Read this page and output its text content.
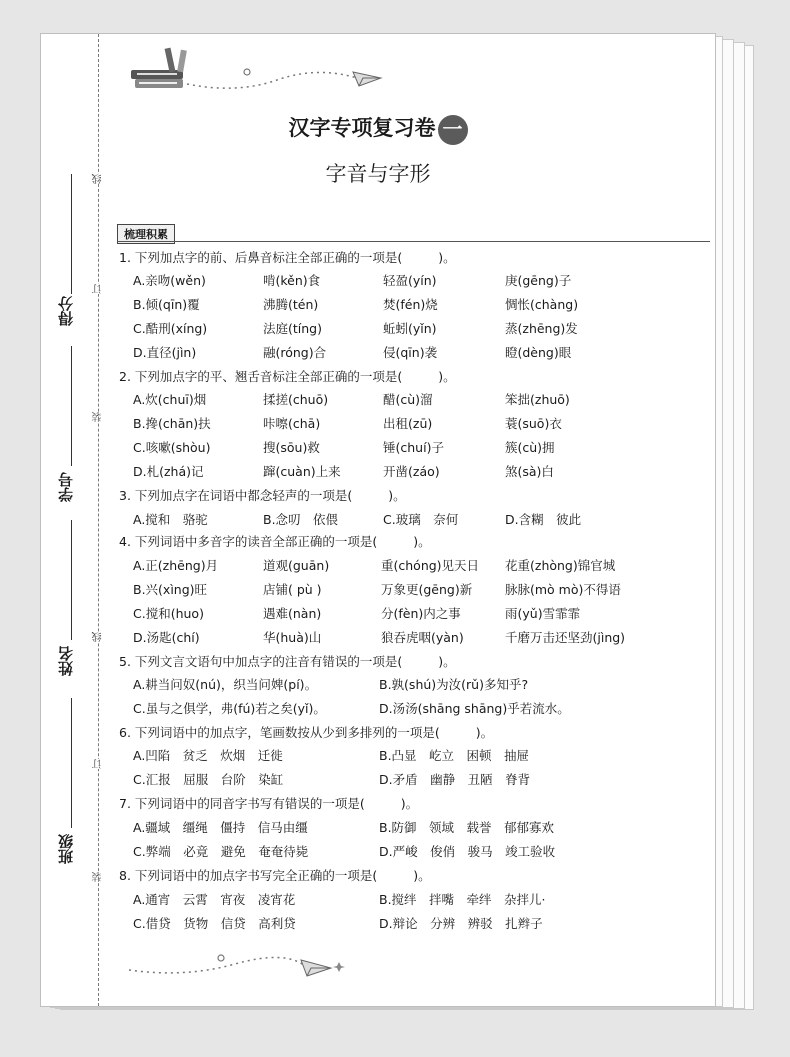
线
订
装
线
订
装
得分
学号
姓名
班级
汉字专项复习卷 一
字音与字形
梳理积累
1. 下列加点字的前、后鼻音标注全部正确的一项是(	)。
A.亲吻(wěn)	啃(kěn)食	轻盈(yín)	庚(gēng)子
B.倾(qīn)覆	沸腾(tén)	焚(fén)烧	惆怅(chàng)
C.酷刑(xíng)	法庭(tíng)	蚯蚓(yǐn)	蒸(zhēng)发
D.直径(jìn)	融(róng)合	侵(qīn)袭	瞪(dèng)眼
2. 下列加点字的平、翘舌音标注全部正确的一项是(	)。
A.炊(chuī)烟	揉搓(chuō)	醋(cù)溜	笨拙(zhuō)
B.搀(chān)扶	咔嚓(chā)	出租(zū)	蓑(suō)衣
C.咳嗽(shòu)	搜(sōu)救	锤(chuí)子	簇(cù)拥
D.札(zhá)记	蹿(cuàn)上来	开凿(záo)	煞(sà)白
3. 下列加点字在词语中都念轻声的一项是(	)。
A.搅和　骆驼	B.念叨　依偎	C.玻璃　奈何	D.含糊　彼此
4. 下列词语中多音字的读音全部正确的一项是(	)。
A.正(zhēng)月	道观(guān)	重(chóng)见天日 花重(zhòng)锦官城
B.兴(xìng)旺	店铺( pù )	万象更(gēng)新	脉脉(mò mò)不得语
C.搅和(huo)	遇难(nàn)	分(fèn)内之事	雨(yǔ)雪霏霏
D.汤匙(chí)	华(huà)山	狼吞虎咽(yàn)	千磨万击还坚劲(jìng)
5. 下列文言文语句中加点字的注音有错误的一项是(	)。
A.耕当问奴(nú)，织当问婢(pí)。	B.孰(shú)为汝(rǔ)多知乎?
C.虽与之俱学，弗(fú)若之矣(yǐ)。	D.汤汤(shāng shāng)乎若流水。
6. 下列词语中的加点字，笔画数按从少到多排列的一项是(	)。
A.凹陷　贫乏　炊烟　迁徙	B.凸显　屹立　困顿　抽屉
C.汇报　屈服　台阶　染缸	D.矛盾　幽静　丑陋　脊背
7. 下列词语中的同音字书写有错误的一项是(	)。
A.疆域　缰绳　僵持　信马由缰	B.防御　领域　载誉　郁郁寡欢
C.弊端　必竟　避免　奄奄待毙	D.严峻　俊俏　骏马　竣工验收
8. 下列词语中的加点字书写完全正确的一项是(	)。
A.通宵　云霄　宵夜　凌宵花	B.搅绊　拌嘴　牵绊　杂拌儿·
C.借贷　货物　信贷　高利贷	D.辩论　分辨　辨驳　扎辫子
